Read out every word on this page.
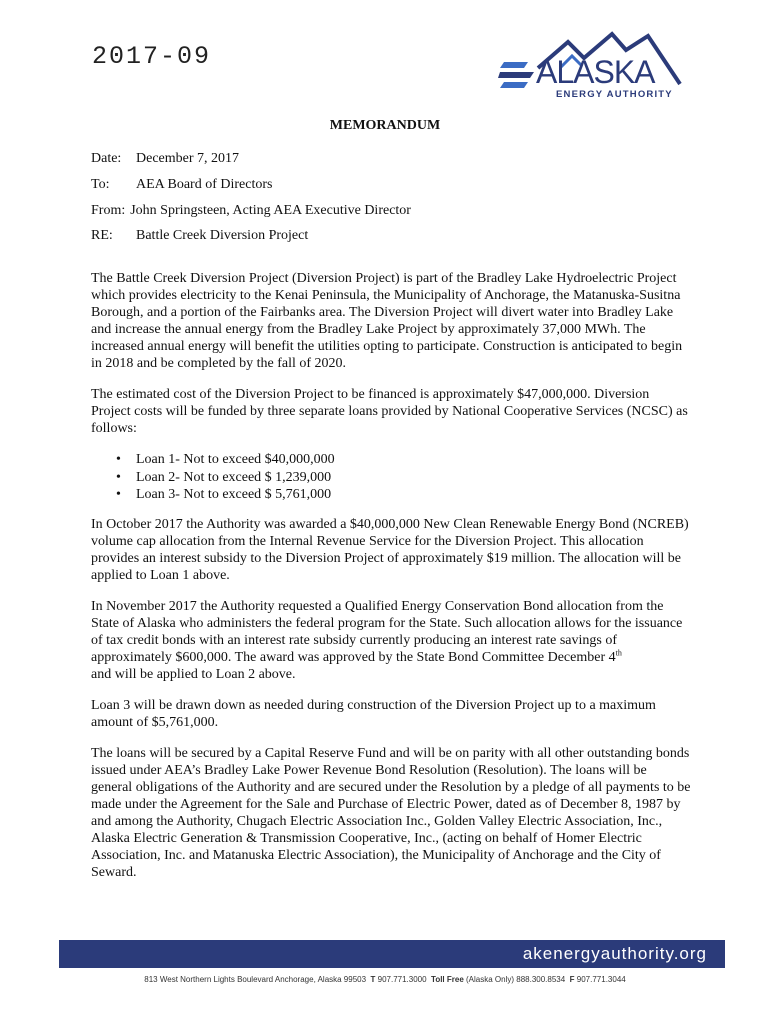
2017-09	ALASKA
ENERGY AUTHORITY
MEMORANDUM
Date: December 7, 2017
To: AEA Board of Directors
From: John Springsteen, Acting AEA Executive Director
RE: Battle Creek Diversion Project

The Battle Creek Diversion Project (Diversion Project) is part of the Bradley Lake Hydroelectric Project which provides electricity to the Kenai Peninsula, the Municipality of Anchorage, the Matanuska-Susitna Borough, and a portion of the Fairbanks area. The Diversion Project will divert water into Bradley Lake and increase the annual energy from the Bradley Lake Project by approximately 37,000 MWh. The increased annual energy will benefit the utilities opting to participate. Construction is anticipated to begin in 2018 and be completed by the fall of 2020.

The estimated cost of the Diversion Project to be financed is approximately $47,000,000. Diversion Project costs will be funded by three separate loans provided by National Cooperative Services (NCSC) as follows:

• Loan 1- Not to exceed $40,000,000
• Loan 2- Not to exceed $ 1,239,000
• Loan 3- Not to exceed $ 5,761,000

In October 2017 the Authority was awarded a $40,000,000 New Clean Renewable Energy Bond (NCREB) volume cap allocation from the Internal Revenue Service for the Diversion Project. This allocation provides an interest subsidy to the Diversion Project of approximately $19 million. The allocation will be applied to Loan 1 above.

In November 2017 the Authority requested a Qualified Energy Conservation Bond allocation from the State of Alaska who administers the federal program for the State. Such allocation allows for the issuance of tax credit bonds with an interest rate subsidy currently producing an interest rate savings of approximately $600,000. The award was approved by the State Bond Committee December 4th
and will be applied to Loan 2 above.

Loan 3 will be drawn down as needed during construction of the Diversion Project up to a maximum amount of $5,761,000.

The loans will be secured by a Capital Reserve Fund and will be on parity with all other outstanding bonds issued under AEA’s Bradley Lake Power Revenue Bond Resolution (Resolution). The loans will be general obligations of the Authority and are secured under the Resolution by a pledge of all payments to be made under the Agreement for the Sale and Purchase of Electric Power, dated as of December 8, 1987 by and among the Authority, Chugach Electric Association Inc., Golden Valley Electric Association, Inc., Alaska Electric Generation & Transmission Cooperative, Inc., (acting on behalf of Homer Electric Association, Inc. and Matanuska Electric Association), the Municipality of Anchorage and the City of Seward.

akenergyauthority.org
813 West Northern Lights Boulevard Anchorage, Alaska 99503 T 907.771.3000 Toll Free (Alaska Only) 888.300.8534 F 907.771.3044
